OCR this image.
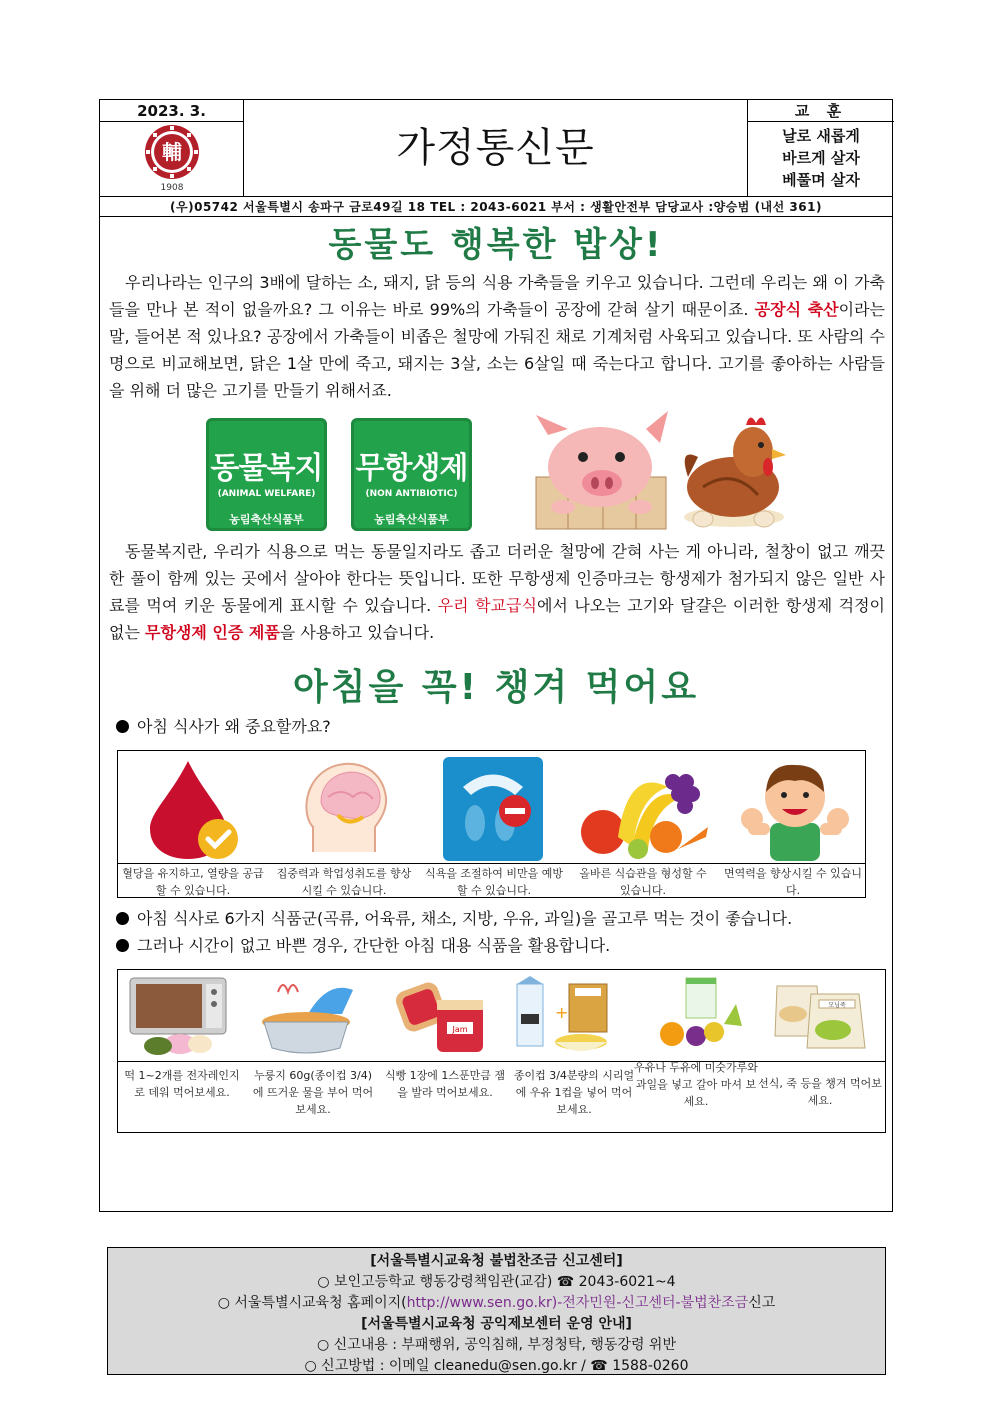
2023. 3.
輔
1908
가정통신문
교 훈
날로 새롭게
바르게 살자
베풀며 살자
(우)05742 서울특별시 송파구 금로49길 18 TEL : 2043-6021 부서 : 생활안전부 담당교사 :양승범 (내선 361)
동물도 행복한 밥상!

우리나라는 인구의 3배에 달하는 소, 돼지, 닭 등의 식용 가축들을 키우고 있습니다. 그런데 우리는 왜 이 가축들을 만나 본 적이 없을까요? 그 이유는 바로 99%의 가축들이 공장에 갇혀 살기 때문이죠. 공장식 축산이라는 말, 들어본 적 있나요? 공장에서 가축들이 비좁은 철망에 가둬진 채로 기계처럼 사육되고 있습니다. 또 사람의 수명으로 비교해보면, 닭은 1살 만에 죽고, 돼지는 3살, 소는 6살일 때 죽는다고 합니다. 고기를 좋아하는 사람들을 위해 더 많은 고기를 만들기 위해서죠.

동물복지
(ANIMAL WELFARE)
농림축산식품부
무항생제
(NON ANTIBIOTIC)
농림축산식품부

동물복지란, 우리가 식용으로 먹는 동물일지라도 좁고 더러운 철망에 갇혀 사는 게 아니라, 철창이 없고 깨끗한 풀이 함께 있는 곳에서 살아야 한다는 뜻입니다. 또한 무항생제 인증마크는 항생제가 첨가되지 않은 일반 사료를 먹여 키운 동물에게 표시할 수 있습니다. 우리 학교급식에서 나오는 고기와 달걀은 이러한 항생제 걱정이 없는 무항생제 인증 제품을 사용하고 있습니다.

아침을 꼭! 챙겨 먹어요
아침 식사가 왜 중요할까요?
혈당을 유지하고, 열량을 공급할 수 있습니다.
집중력과 학업성취도를 향상시킬 수 있습니다.
식욕을 조절하여 비만을 예방할 수 있습니다.
올바른 식습관을 형성할 수 있습니다.
면역력을 향상시킬 수 있습니다.
아침 식사로 6가지 식품군(곡류, 어육류, 채소, 지방, 우유, 과일)을 골고루 먹는 것이 좋습니다.
그러나 시간이 없고 바쁜 경우, 간단한 아침 대용 식품을 활용합니다.
Jam
+	모닝죽
떡 1~2개를 전자레인지로 데워 먹어보세요.
누룽지 60g(종이컵 3/4)에 뜨거운 물을 부어 먹어보세요.
식빵 1장에 1스푼만큼 잼을 발라 먹어보세요.
종이컵 3/4분량의 시리얼에 우유 1컵을 넣어 먹어보세요.
우유나 두유에 미숫가루와 과일을 넣고 갈아 마셔 보세요.
선식, 죽 등을 챙겨 먹어보세요.
[서울특별시교육청 불법찬조금 신고센터]
○ 보인고등학교 행동강령책임관(교감) ☎ 2043-6021~4
○ 서울특별시교육청 홈페이지(http://www.sen.go.kr)-전자민원-신고센터-불법찬조금신고
[서울특별시교육청 공익제보센터 운영 안내]
○ 신고내용 : 부패행위, 공익침해, 부정청탁, 행동강령 위반
○ 신고방법 : 이메일 cleanedu@sen.go.kr / ☎ 1588-0260
